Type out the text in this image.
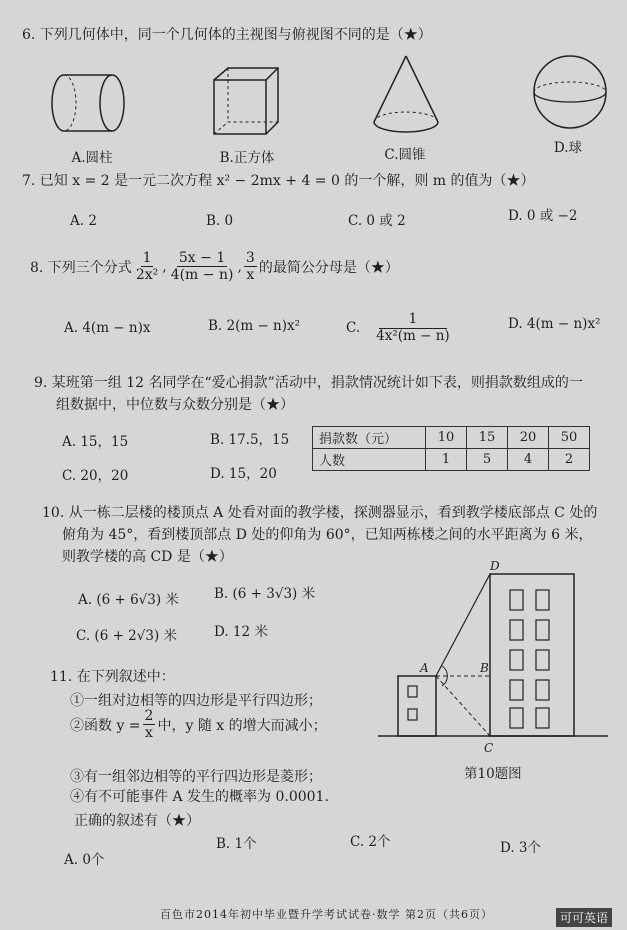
6. 下列几何体中，同一个几何体的主视图与俯视图不同的是（★）
A.圆柱	B.正方体	C.圆锥	D.球
7. 已知 x = 2 是一元二次方程 x² − 2mx + 4 = 0 的一个解，则 m 的值为（★）
A. 2	B. 0	C. 0 或 2	D. 0 或 −2
8. 下列三个分式 $\frac{1}{\text{2x²}}$ , $\frac{5x - 1}{4(m - n)}$ , $\frac{3}{x}$ 的最简公分母是（★）
A. 4(m − n)x	B. 2(m − n)x²	C. $\frac{1}{\text{4x²(m − n)}}$	D. 4(m − n)x²
9. 某班第一组 12 名同学在“爱心捐款”活动中，捐款情况统计如下表，则捐款数组成的一
组数据中，中位数与众数分别是（★）
A. 15，15	B. 17.5，15
C. 20，20	D. 15，20
捐款数（元）	10	15	20	50
人数	1	5	4	2
10. 从一栋二层楼的楼顶点 A 处看对面的教学楼，探测器显示，看到教学楼底部点 C 处的
俯角为 45°，看到楼顶部点 D 处的仰角为 60°，已知两栋楼之间的水平距离为 6 米，
则教学楼的高 CD 是（★）
A. (6 + 6√3) 米	B. (6 + 3√3) 米
C. (6 + 2√3) 米	D. 12 米
A	B
C
D
第10题图
11. 在下列叙述中：
①一组对边相等的四边形是平行四边形；
②函数 $y = \frac{2}{x}$ 中，y 随 x 的增大而减小；
③有一组邻边相等的平行四边形是菱形；
④有不可能事件 A 发生的概率为 0.0001.
正确的叙述有（★）
A. 0个
B. 1个	C. 2个	D. 3个
百色市2014年初中毕业暨升学考试试卷·数学 第2页（共6页）	可可英语
